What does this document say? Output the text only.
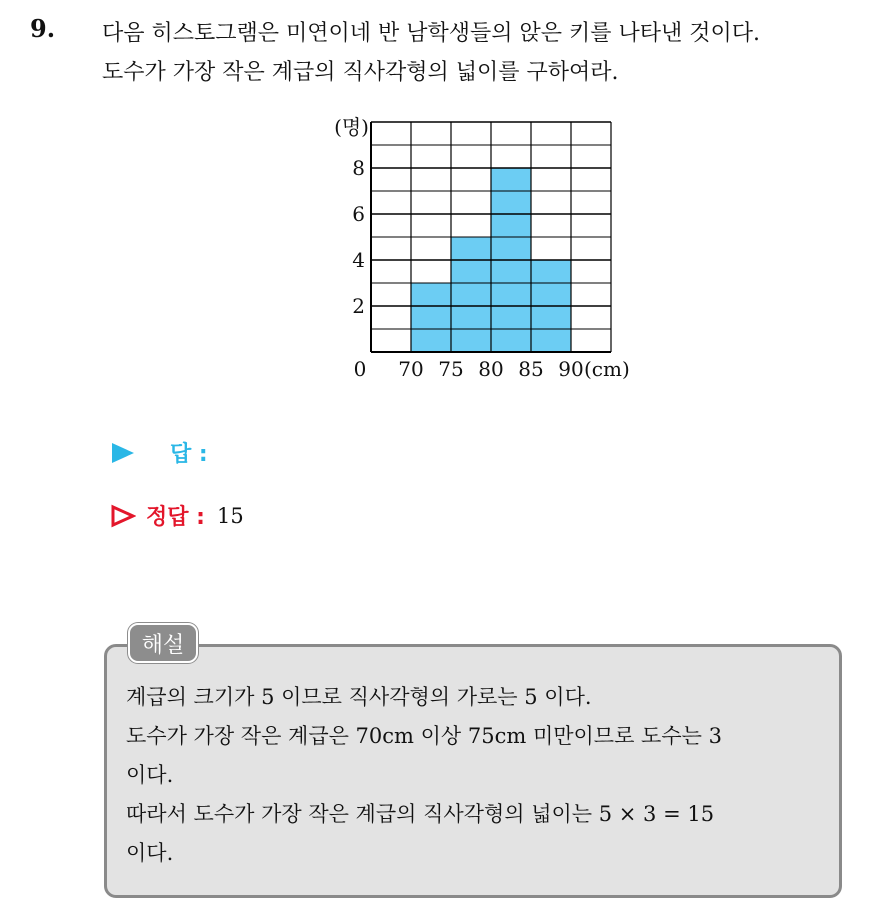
9. 다음 히스토그램은 미연이네 반 남학생들의 앉은 키를 나타낸 것이다.
도수가 가장 작은 계급의 직사각형의 넓이를 구하여라.
2
4
6
8
(명)
0 70 75 80 85 90 (cm)
답 :
정답 : 15
해설
계급의 크기가 5 이므로 직사각형의 가로는 5 이다.
도수가 가장 작은 계급은 70cm 이상 75cm 미만이므로 도수는 3
이다.
따라서 도수가 가장 작은 계급의 직사각형의 넓이는 5 × 3 = 15
이다.
